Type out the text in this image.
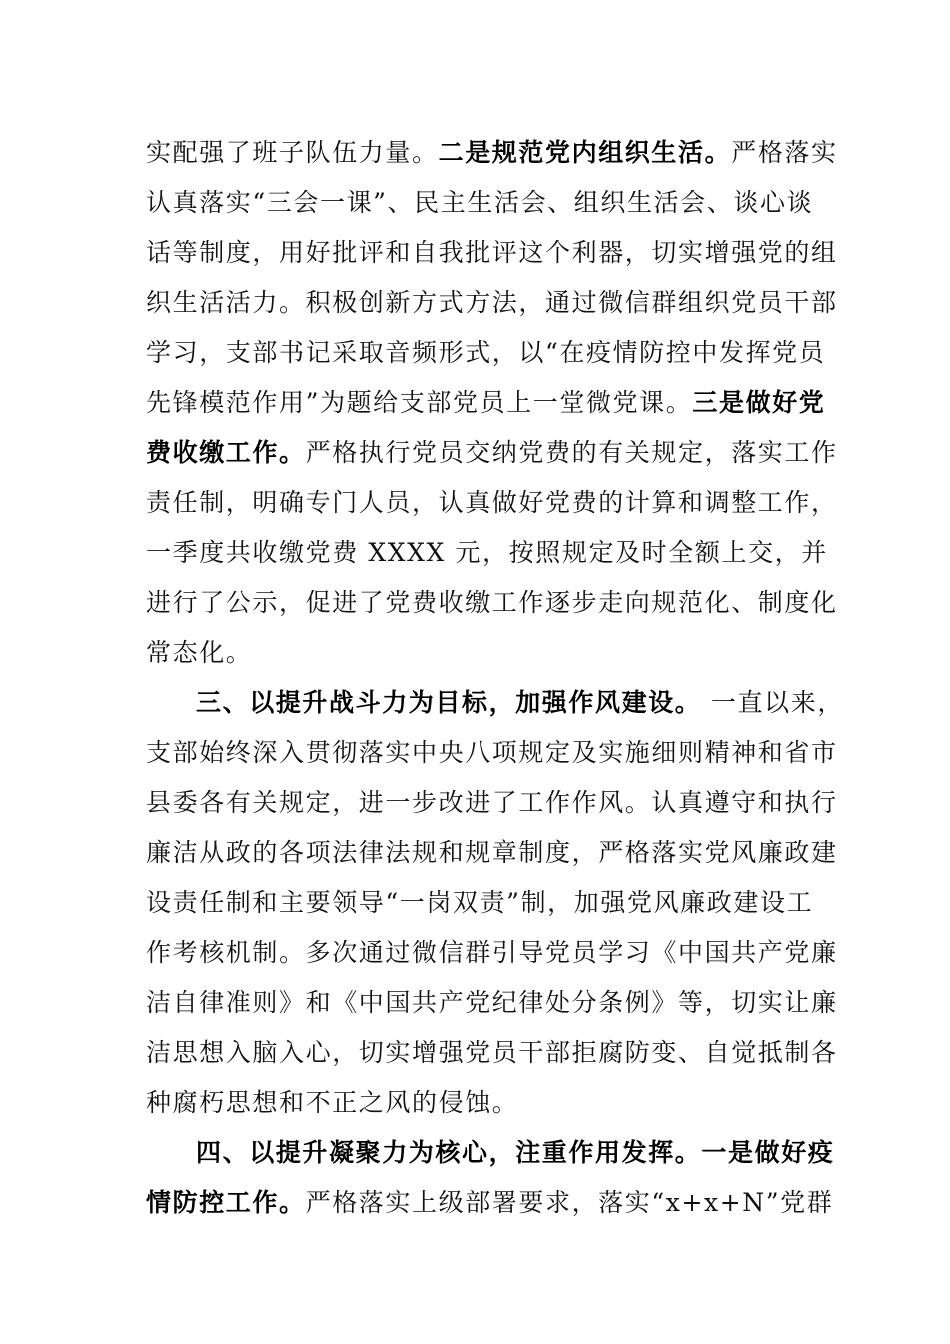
实配强了班子队伍力量。二是规范党内组织生活。严格落实
认真落实“三会一课”、民主生活会、组织生活会、谈心谈
话等制度，用好批评和自我批评这个利器，切实增强党的组
织生活活力。积极创新方式方法，通过微信群组织党员干部
学习，支部书记采取音频形式，以“在疫情防控中发挥党员
先锋模范作用”为题给支部党员上一堂微党课。三是做好党
费收缴工作。严格执行党员交纳党费的有关规定，落实工作
责任制，明确专门人员，认真做好党费的计算和调整工作，
一季度共收缴党费 XXXX 元，按照规定及时全额上交，并
进行了公示，促进了党费收缴工作逐步走向规范化、制度化
常态化。
三、以提升战斗力为目标，加强作风建设。 一直以来，
支部始终深入贯彻落实中央八项规定及实施细则精神和省市
县委各有关规定，进一步改进了工作作风。认真遵守和执行
廉洁从政的各项法律法规和规章制度，严格落实党风廉政建
设责任制和主要领导“一岗双责”制，加强党风廉政建设工
作考核机制。多次通过微信群引导党员学习《中国共产党廉
洁自律准则》和《中国共产党纪律处分条例》等，切实让廉
洁思想入脑入心，切实增强党员干部拒腐防变、自觉抵制各
种腐朽思想和不正之风的侵蚀。
四、以提升凝聚力为核心，注重作用发挥。一是做好疫
情防控工作。严格落实上级部署要求，落实“x+x+N”党群
